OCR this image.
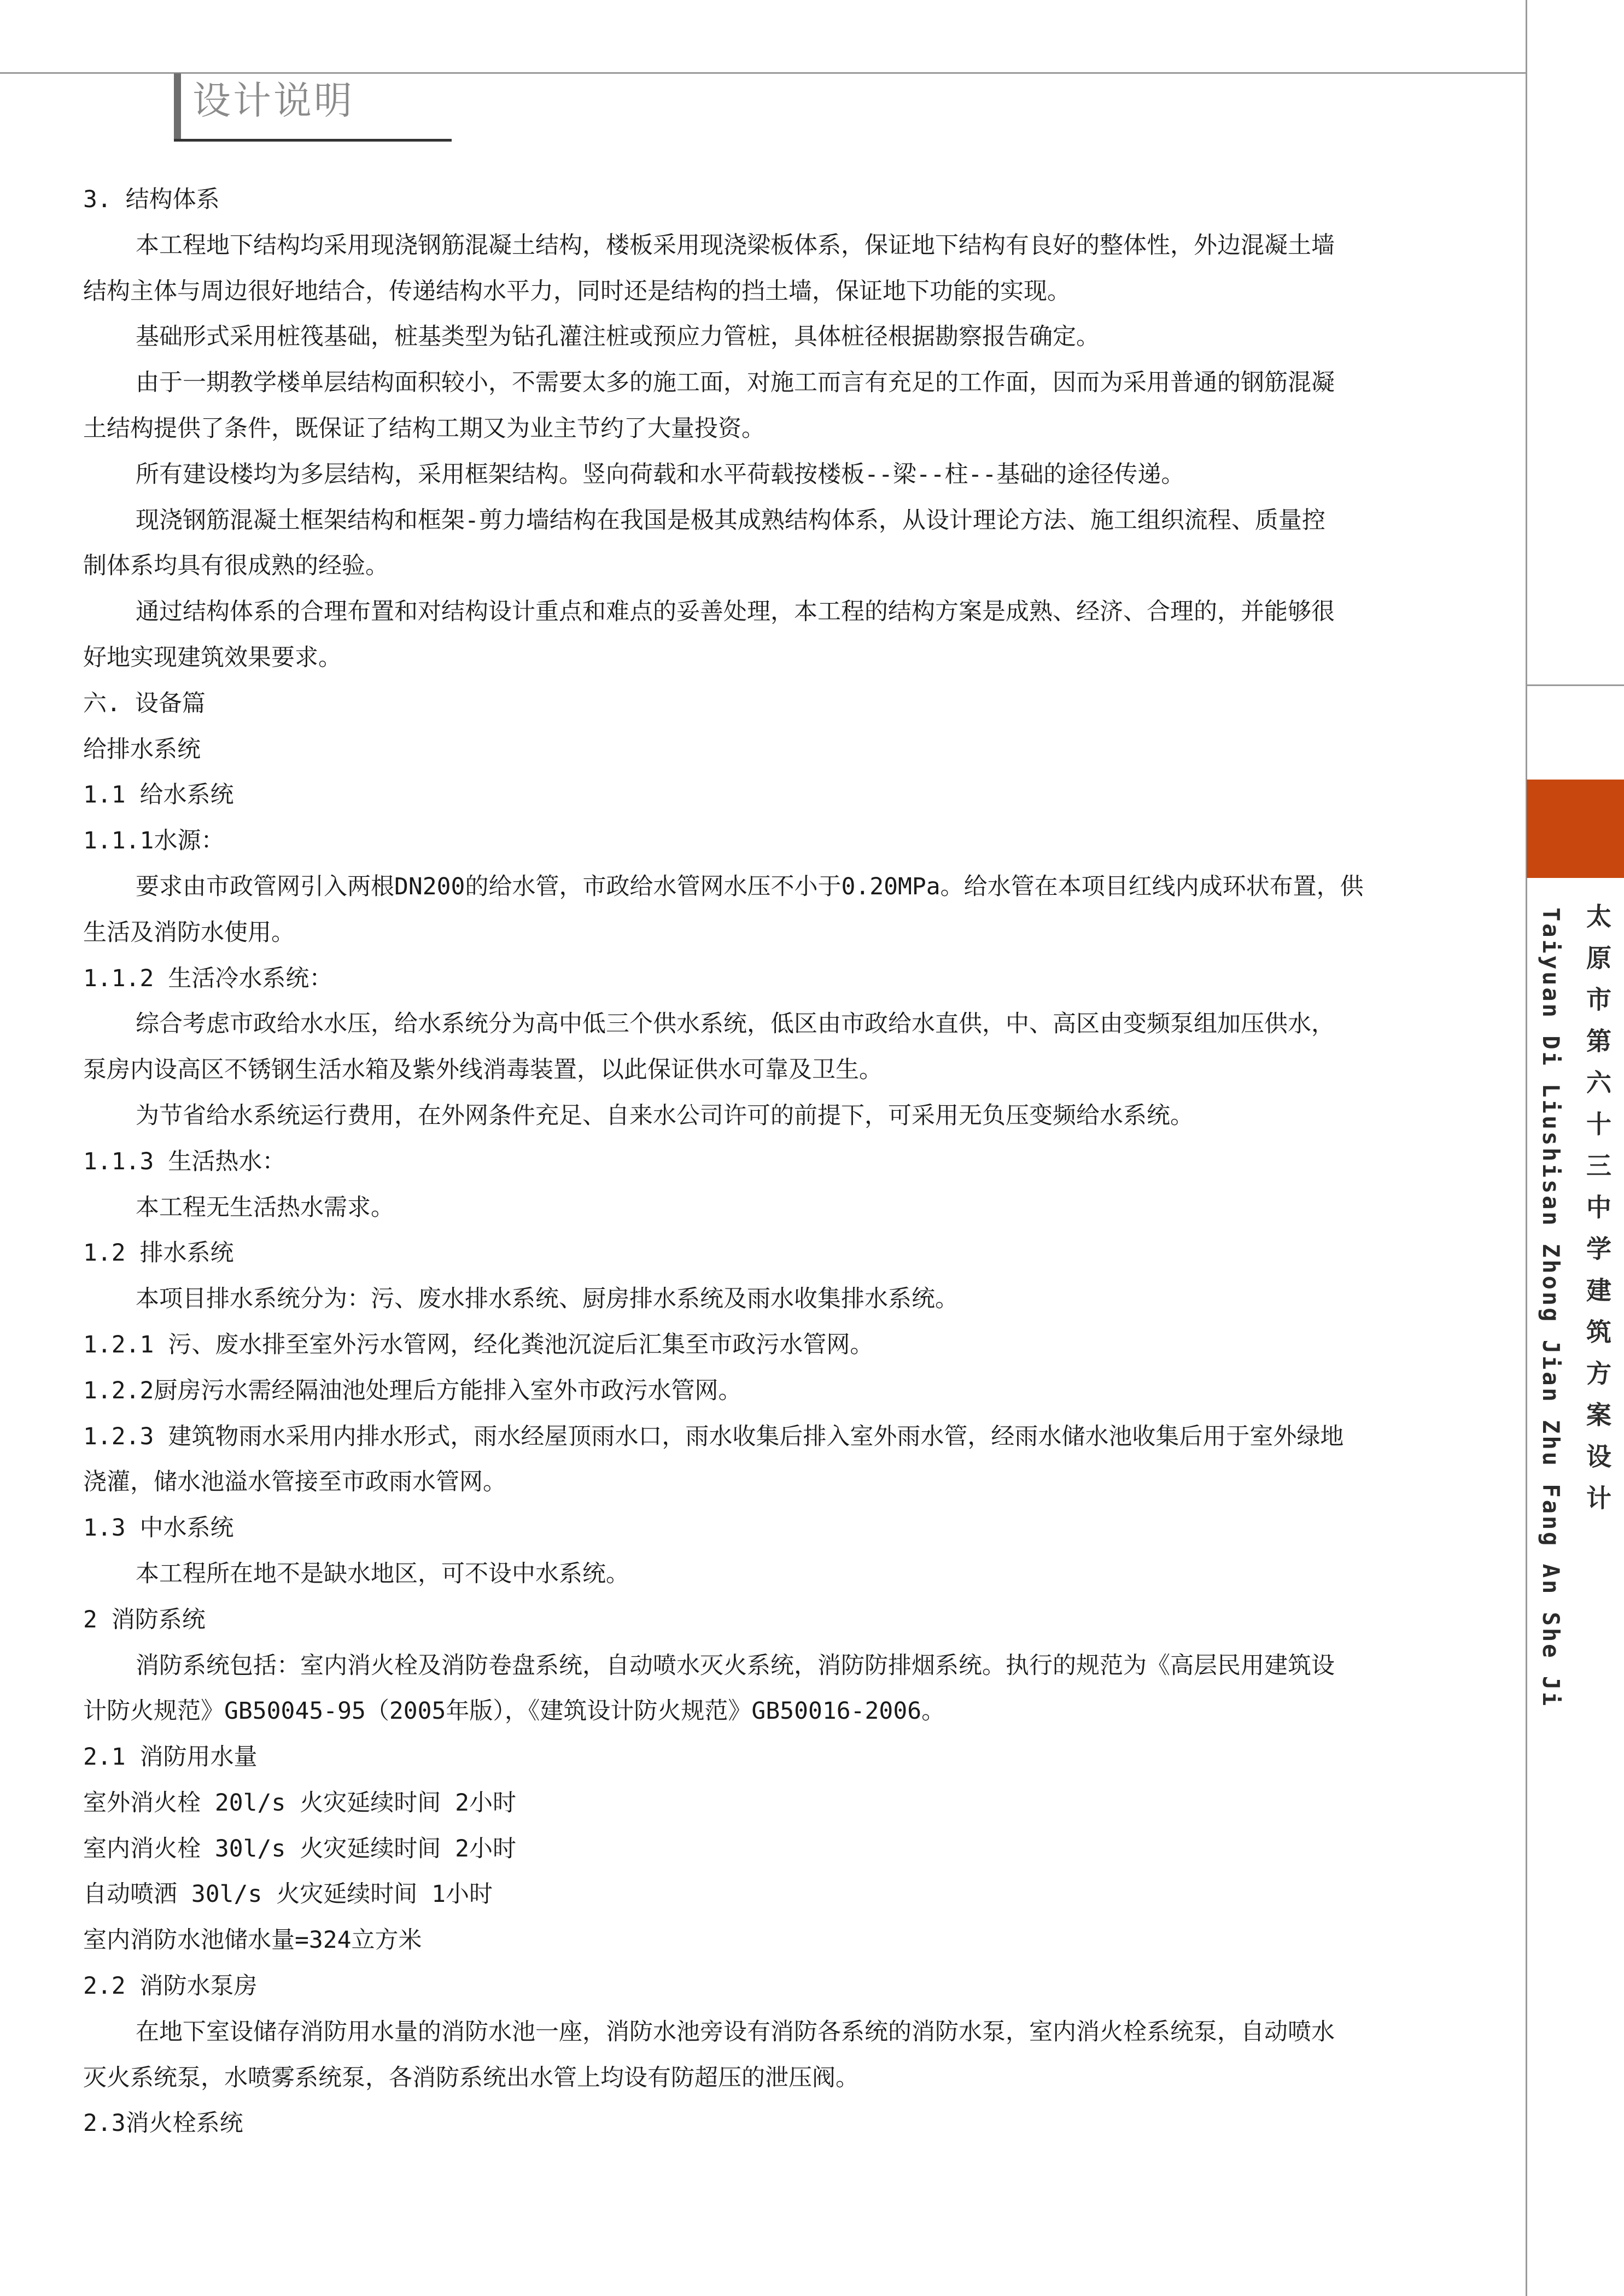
设计说明
3. 结构体系
本工程地下结构均采用现浇钢筋混凝土结构，楼板采用现浇梁板体系，保证地下结构有良好的整体性，外边混凝土墙
结构主体与周边很好地结合，传递结构水平力，同时还是结构的挡土墙，保证地下功能的实现。
基础形式采用桩筏基础，桩基类型为钻孔灌注桩或预应力管桩，具体桩径根据勘察报告确定。
由于一期教学楼单层结构面积较小，不需要太多的施工面，对施工而言有充足的工作面，因而为采用普通的钢筋混凝
土结构提供了条件，既保证了结构工期又为业主节约了大量投资。
所有建设楼均为多层结构，采用框架结构。竖向荷载和水平荷载按楼板--梁--柱--基础的途径传递。
现浇钢筋混凝土框架结构和框架-剪力墙结构在我国是极其成熟结构体系，从设计理论方法、施工组织流程、质量控
制体系均具有很成熟的经验。
通过结构体系的合理布置和对结构设计重点和难点的妥善处理，本工程的结构方案是成熟、经济、合理的，并能够很
好地实现建筑效果要求。
六. 设备篇
给排水系统
1.1 给水系统
1.1.1水源：
要求由市政管网引入两根DN200的给水管，市政给水管网水压不小于0.20MPa。给水管在本项目红线内成环状布置，供
生活及消防水使用。
1.1.2 生活冷水系统：
综合考虑市政给水水压，给水系统分为高中低三个供水系统，低区由市政给水直供，中、高区由变频泵组加压供水，
泵房内设高区不锈钢生活水箱及紫外线消毒装置，以此保证供水可靠及卫生。
为节省给水系统运行费用，在外网条件充足、自来水公司许可的前提下，可采用无负压变频给水系统。
1.1.3 生活热水：
本工程无生活热水需求。
1.2 排水系统
本项目排水系统分为：污、废水排水系统、厨房排水系统及雨水收集排水系统。
1.2.1 污、废水排至室外污水管网，经化粪池沉淀后汇集至市政污水管网。
1.2.2厨房污水需经隔油池处理后方能排入室外市政污水管网。
1.2.3 建筑物雨水采用内排水形式，雨水经屋顶雨水口，雨水收集后排入室外雨水管，经雨水储水池收集后用于室外绿地
浇灌，储水池溢水管接至市政雨水管网。
1.3 中水系统
本工程所在地不是缺水地区，可不设中水系统。
2 消防系统
消防系统包括：室内消火栓及消防卷盘系统，自动喷水灭火系统，消防防排烟系统。执行的规范为《高层民用建筑设
计防火规范》GB50045-95（2005年版），《建筑设计防火规范》GB50016-2006。
2.1 消防用水量
室外消火栓 20l/s 火灾延续时间 2小时
室内消火栓 30l/s 火灾延续时间 2小时
自动喷洒 30l/s 火灾延续时间 1小时
室内消防水池储水量=324立方米
2.2 消防水泵房
在地下室设储存消防用水量的消防水池一座，消防水池旁设有消防各系统的消防水泵，室内消火栓系统泵，自动喷水
灭火系统泵，水喷雾系统泵，各消防系统出水管上均设有防超压的泄压阀。
2.3消火栓系统
太原市第六十三中学建筑方案设计
Taiyuan Di Liushisan Zhong Jian Zhu Fang An She Ji
